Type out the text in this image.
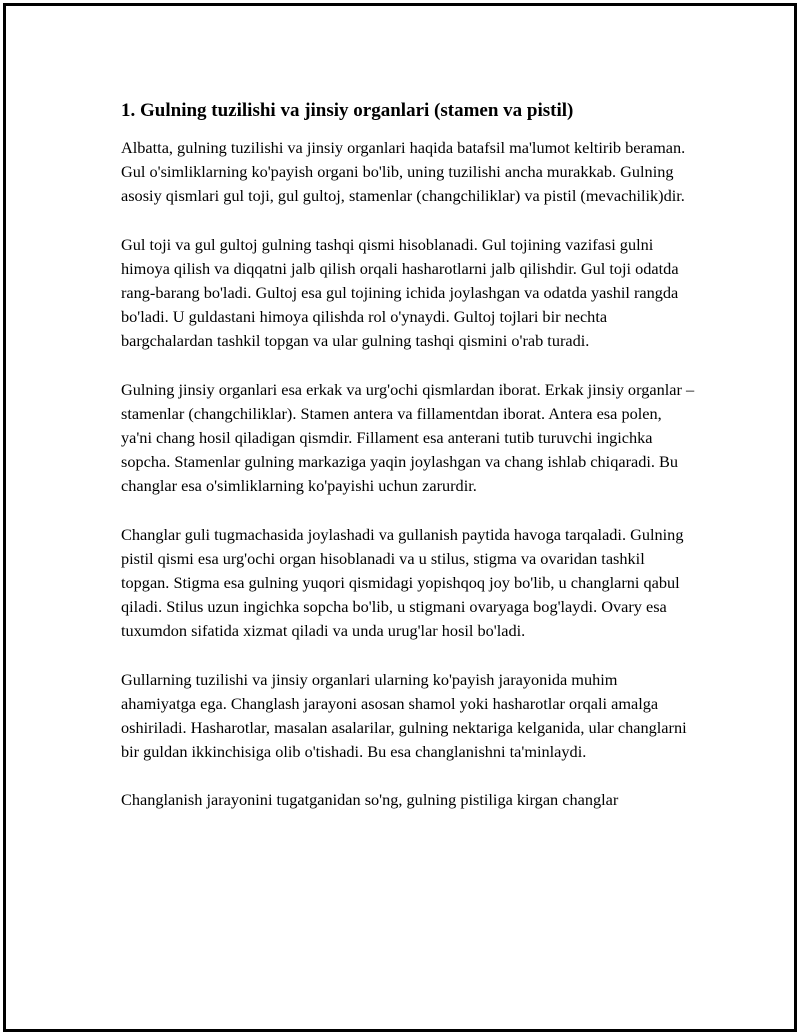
1. Gulning tuzilishi va jinsiy organlari (stamen va pistil)

Albatta, gulning tuzilishi va jinsiy organlari haqida batafsil ma'lumot keltirib beraman. Gul o'simliklarning ko'payish organi bo'lib, uning tuzilishi ancha murakkab. Gulning asosiy qismlari gul toji, gul gultoj, stamenlar (changchiliklar) va pistil (mevachilik)dir.

Gul toji va gul gultoj gulning tashqi qismi hisoblanadi. Gul tojining vazifasi gulni himoya qilish va diqqatni jalb qilish orqali hasharotlarni jalb qilishdir. Gul toji odatda rang-barang bo'ladi. Gultoj esa gul tojining ichida joylashgan va odatda yashil rangda bo'ladi. U guldastani himoya qilishda rol o'ynaydi. Gultoj tojlari bir nechta bargchalardan tashkil topgan va ular gulning tashqi qismini o'rab turadi.

Gulning jinsiy organlari esa erkak va urg'ochi qismlardan iborat. Erkak jinsiy organlar – stamenlar (changchiliklar). Stamen antera va fillamentdan iborat. Antera esa polen, ya'ni chang hosil qiladigan qismdir. Fillament esa anterani tutib turuvchi ingichka sopcha. Stamenlar gulning markaziga yaqin joylashgan va chang ishlab chiqaradi. Bu changlar esa o'simliklarning ko'payishi uchun zarurdir.

Changlar guli tugmachasida joylashadi va gullanish paytida havoga tarqaladi. Gulning pistil qismi esa urg'ochi organ hisoblanadi va u stilus, stigma va ovaridan tashkil topgan. Stigma esa gulning yuqori qismidagi yopishqoq joy bo'lib, u changlarni qabul qiladi. Stilus uzun ingichka sopcha bo'lib, u stigmani ovaryaga bog'laydi. Ovary esa tuxumdon sifatida xizmat qiladi va unda urug'lar hosil bo'ladi.

Gullarning tuzilishi va jinsiy organlari ularning ko'payish jarayonida muhim ahamiyatga ega. Changlash jarayoni asosan shamol yoki hasharotlar orqali amalga oshiriladi. Hasharotlar, masalan asalarilar, gulning nektariga kelganida, ular changlarni bir guldan ikkinchisiga olib o'tishadi. Bu esa changlanishni ta'minlaydi.

Changlanish jarayonini tugatganidan so'ng, gulning pistiliga kirgan changlar
